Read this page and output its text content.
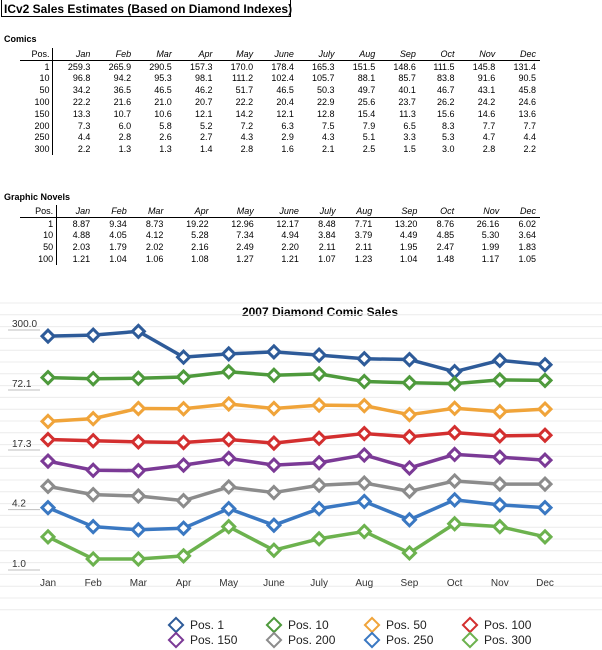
ICv2 Sales Estimates (Based on Diamond Indexes)
Comics
Pos.	Jan	Feb	Mar	Apr	May	June	July	Aug	Sep	Oct	Nov	Dec
1	259.3	265.9	290.5	157.3	170.0	178.4	165.3	151.5	148.6	111.5	145.8	131.4
10	96.8	94.2	95.3	98.1	111.2	102.4	105.7	88.1	85.7	83.8	91.6	90.5
50	34.2	36.5	46.5	46.2	51.7	46.5	50.3	49.7	40.1	46.7	43.1	45.8
100	22.2	21.6	21.0	20.7	22.2	20.4	22.9	25.6	23.7	26.2	24.2	24.6
150	13.3	10.7	10.6	12.1	14.2	12.1	12.8	15.4	11.3	15.6	14.6	13.6
200	7.3	6.0	5.8	5.2	7.2	6.3	7.5	7.9	6.5	8.3	7.7	7.7
250	4.4	2.8	2.6	2.7	4.3	2.9	4.3	5.1	3.3	5.3	4.7	4.4
300	2.2	1.3	1.3	1.4	2.8	1.6	2.1	2.5	1.5	3.0	2.8	2.2
Graphic Novels
Pos.	Jan	Feb	Mar	Apr	May	June	July	Aug	Sep	Oct	Nov	Dec
1	8.87	9.34	8.73	19.22	12.96	12.17	8.48	7.71	13.20	8.76	26.16	6.02
10	4.88	4.05	4.12	5.28	7.34	4.94	3.84	3.79	4.49	4.85	5.30	3.64
50	2.03	1.79	2.02	2.16	2.49	2.20	2.11	2.11	1.95	2.47	1.99	1.83
100	1.21	1.04	1.06	1.08	1.27	1.21	1.07	1.23	1.04	1.48	1.17	1.05
2007 Diamond Comic Sales
300.0
72.1
17.3
4.2
1.0
Jan	Feb	Mar	Apr	May June	July	Aug	Sep	Oct	Nov	Dec
Pos. 1	Pos. 10	Pos. 50	Pos. 100
Pos. 150	Pos. 200	Pos. 250	Pos. 300
